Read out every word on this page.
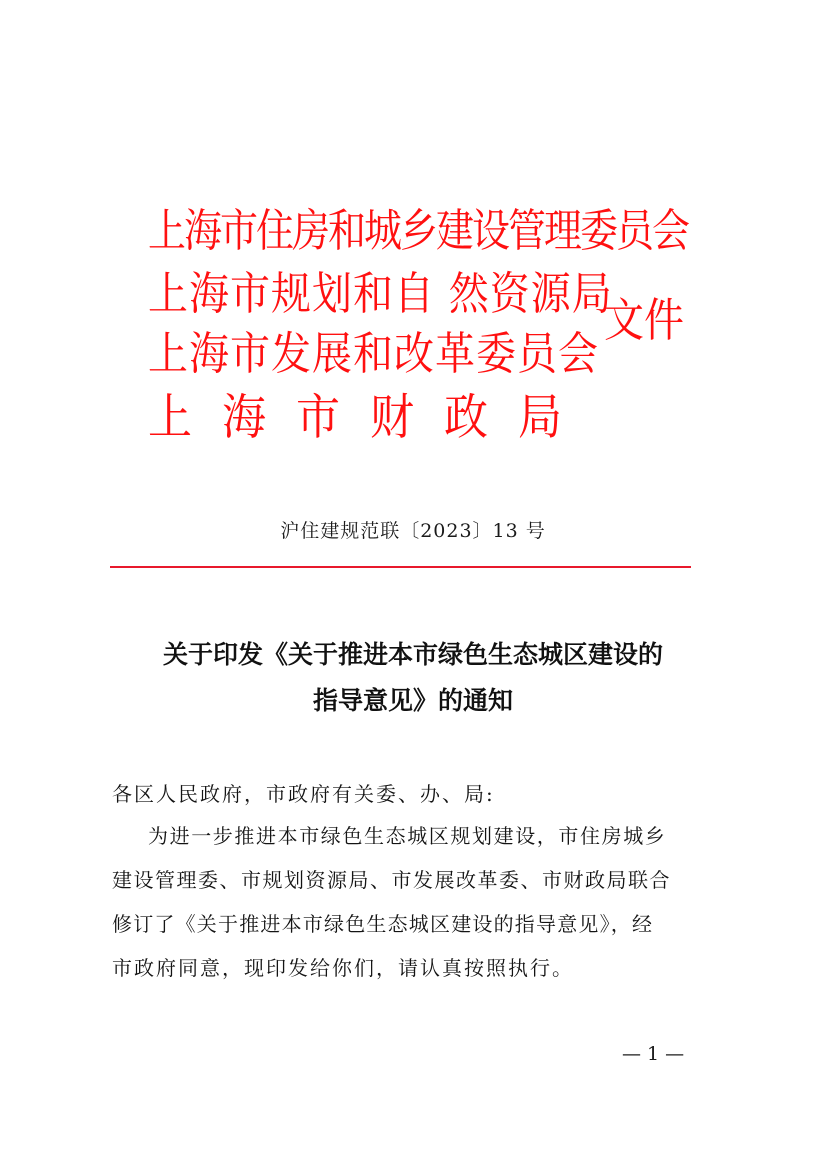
上海市住房和城乡建设管理委员会
上海市规划和自 然资源局
上海市发展和改革委员会
上海市财政局
文件
沪住建规范联〔2023〕13 号
关于印发《关于推进本市绿色生态城区建设的
指导意见》的通知

各区人民政府，市政府有关委、办、局:

为进一步推进本市绿色生态城区规划建设，市住房城乡

建设管理委、市规划资源局、市发展改革委、市财政局联合

修订了《关于推进本市绿色生态城区建设的指导意见》，经

市政府同意，现印发给你们，请认真按照执行。

— 1 —
